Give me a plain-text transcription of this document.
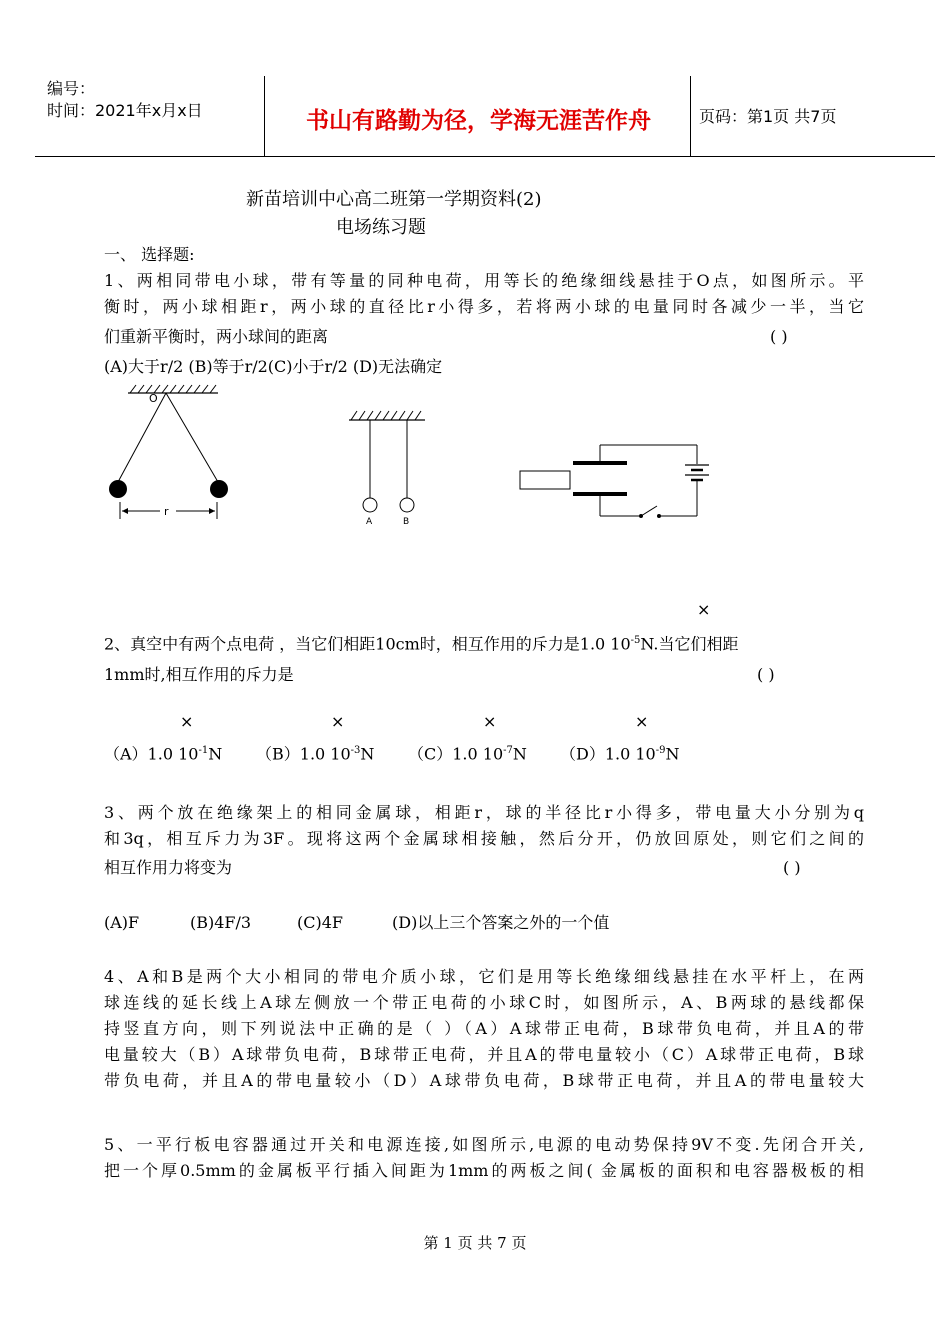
编号：
时间：2021年x月x日	书山有路勤为径，学海无涯苦作舟	页码：第1页 共7页
新苗培训中心高二班第一学期资料(2)
电场练习题
一、 选择题:
1、两相同带电小球，带有等量的同种电荷，用等长的绝缘细线悬挂于O点，如图所示。平
衡时，两小球相距r，两小球的直径比r小得多，若将两小球的电量同时各减少一半，当它
们重新平衡时，两小球间的距离	( )
(A)大于r/2 (B)等于r/2(C)小于r/2 (D)无法确定
O
r
A	B
×
2、真空中有两个点电荷 ，当它们相距10cm时，相互作用的斥力是1.0 $10^{-5}N$.当它们相距
1mm时,相互作用的斥力是	( )
×	×	×	×
（A）1.0 $10^{-1}N$ （B）1.0 $10^{-3}N$ （C）1.0 $10^{-7}N$ （D）1.0 $10^{-9}N$
3、两个放在绝缘架上的相同金属球，相距r，球的半径比r小得多，带电量大小分别为q
和3q，相互斥力为3F。现将这两个金属球相接触，然后分开，仍放回原处，则它们之间的
相互作用力将变为	( )
(A)F	(B)4F/3	(C)4F	(D)以上三个答案之外的一个值
4、A和B是两个大小相同的带电介质小球，它们是用等长绝缘细线悬挂在水平杆上，在两
球连线的延长线上A球左侧放一个带正电荷的小球C时，如图所示，A、B两球的悬线都保
持竖直方向，则下列说法中正确的是（ ）（A）A球带正电荷，B球带负电荷，并且A的带
电量较大（B）A球带负电荷，B球带正电荷，并且A的带电量较小（C）A球带正电荷，B球
带负电荷，并且A的带电量较小（D）A球带负电荷，B球带正电荷，并且A的带电量较大
5、一平行板电容器通过开关和电源连接,如图所示,电源的电动势保持9V不变.先闭合开关,
把一个厚0.5mm的金属板平行插入间距为1mm的两板之间( 金属板的面积和电容器极板的相
第 1 页 共 7 页
